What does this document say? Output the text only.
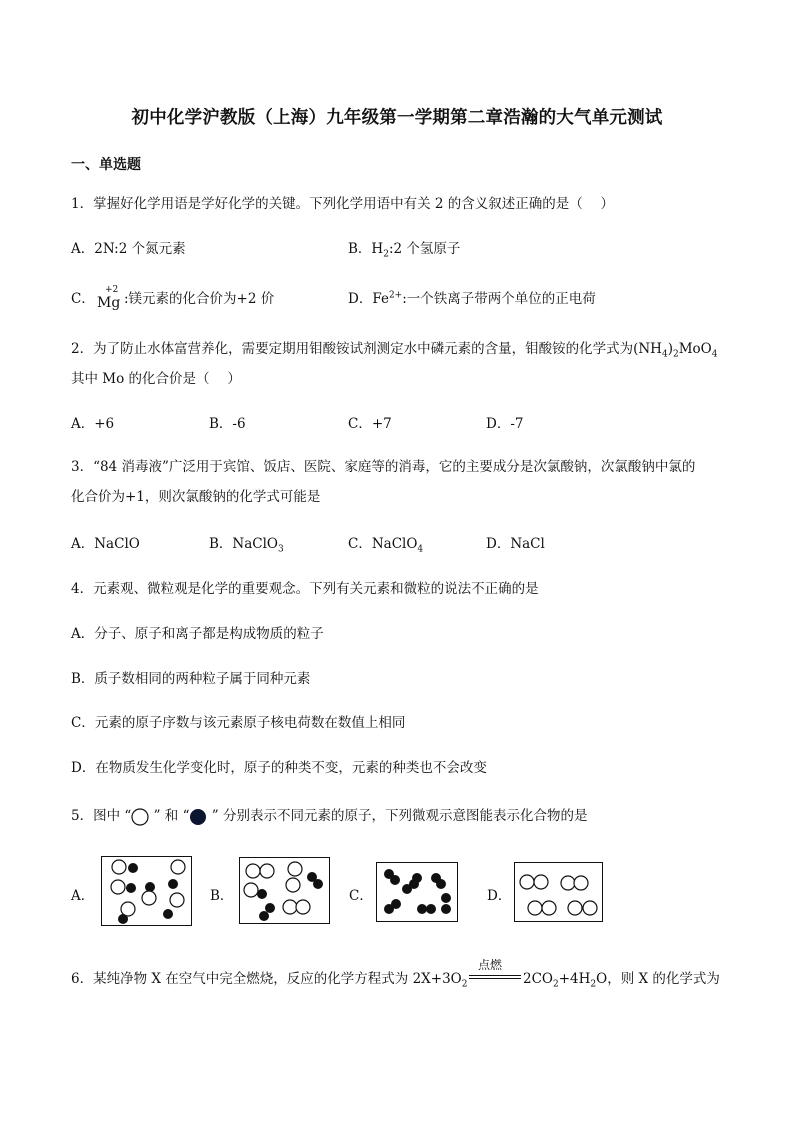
初中化学沪教版（上海）九年级第一学期第二章浩瀚的大气单元测试
一、单选题
1．掌握好化学用语是学好化学的关键。下列化学用语中有关 2 的含义叙述正确的是（　 ）
A．2N:2 个氮元素	B．$H_2:2$ 个氢原子
C．
+2
Mg :镁元素的化合价为+2 价	D．$Fe^{2+}$:一个铁离子带两个单位的正电荷
2．为了防止水体富营养化，需要定期用钼酸铵试剂测定水中磷元素的含量，钼酸铵的化学式为$(NH_4)_2MoO_4$
其中 Mo 的化合价是（　 ）
A．+6	B．-6	C．+7	D．-7
3．“84 消毒液”广泛用于宾馆、饭店、医院、家庭等的消毒，它的主要成分是次氯酸钠，次氯酸钠中氯的
化合价为+1，则次氯酸钠的化学式可能是
A．NaClO	B．NaClO$_3$	C．NaClO$_4$	D．NaCl
4．元素观、微粒观是化学的重要观念。下列有关元素和微粒的说法不正确的是
A．分子、原子和离子都是构成物质的粒子
B．质子数相同的两种粒子属于同种元素
C．元素的原子序数与该元素原子核电荷数在数值上相同
D．在物质发生化学变化时，原子的种类不变，元素的种类也不会改变
5．图中 “ ” 和 “ ” 分别表示不同元素的原子，下列微观示意图能表示化合物的是
A．	B．	C．	D．
点燃
6．某纯净物 X 在空气中完全燃烧，反应的化学方程式为 $2X+3O_2$	$2CO_2+4H_2O$，则 X 的化学式为
